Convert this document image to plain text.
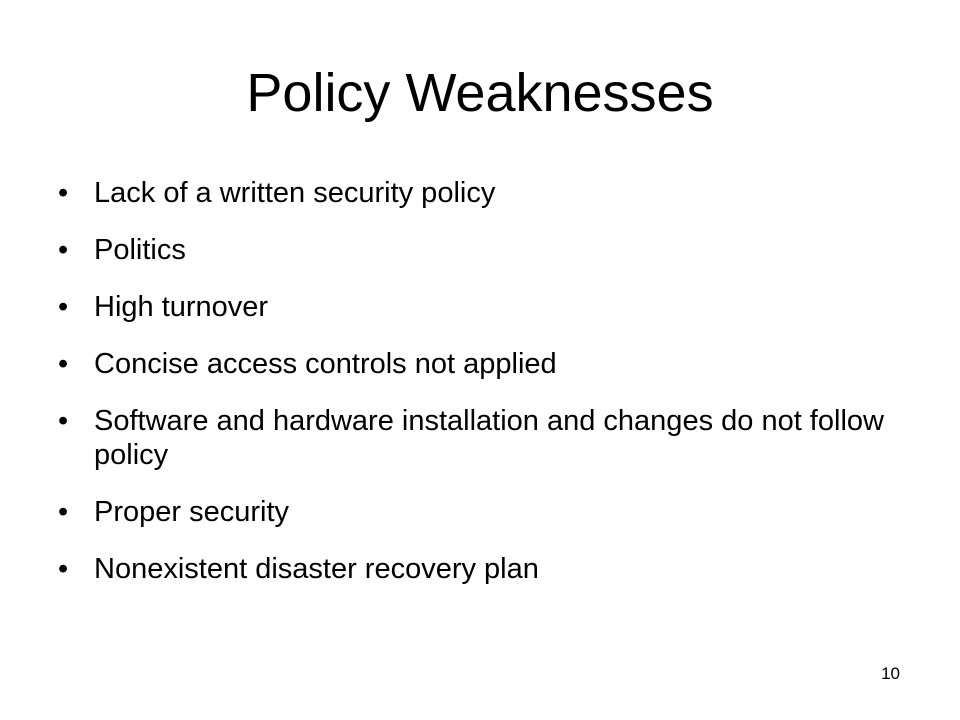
Policy Weaknesses
• Lack of a written security policy
• Politics
• High turnover
• Concise access controls not applied
• Software and hardware installation and changes do not follow policy
• Proper security
• Nonexistent disaster recovery plan
10
